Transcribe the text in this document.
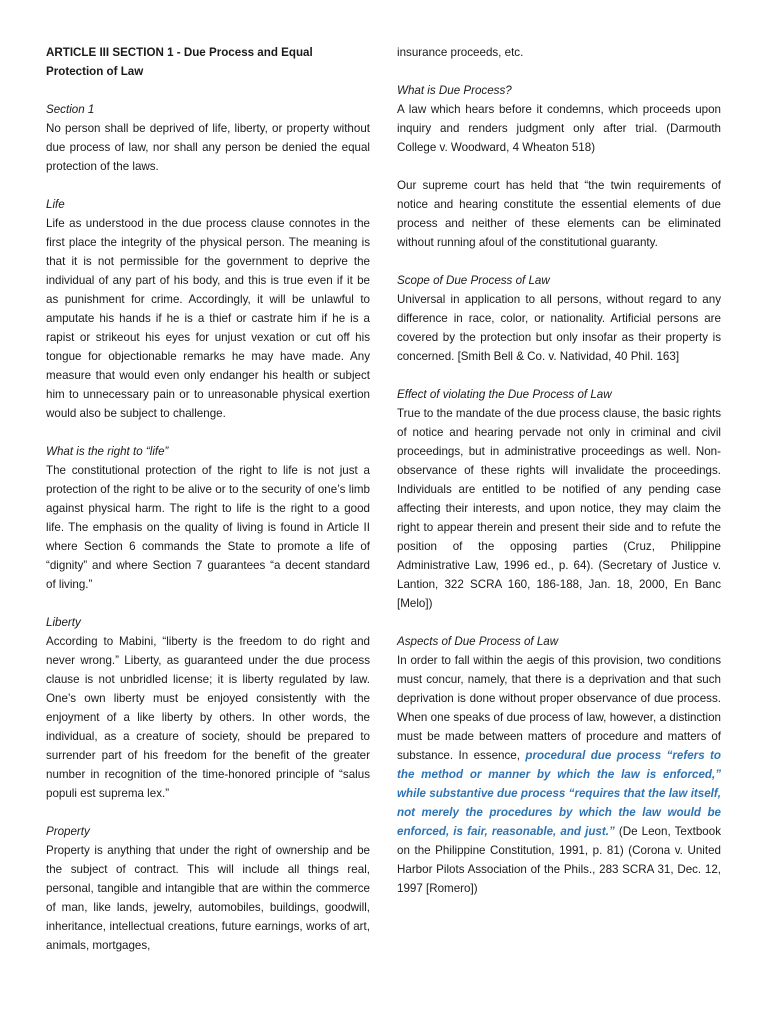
ARTICLE III SECTION 1 - Due Process and Equal Protection of Law

Section 1

No person shall be deprived of life, liberty, or property without due process of law, nor shall any person be denied the equal protection of the laws.

Life

Life as understood in the due process clause connotes in the first place the integrity of the physical person. The meaning is that it is not permissible for the government to deprive the individual of any part of his body, and this is true even if it be as punishment for crime. Accordingly, it will be unlawful to amputate his hands if he is a thief or castrate him if he is a rapist or strikeout his eyes for unjust vexation or cut off his tongue for objectionable remarks he may have made. Any measure that would even only endanger his health or subject him to unnecessary pain or to unreasonable physical exertion would also be subject to challenge.

What is the right to “life”

The constitutional protection of the right to life is not just a protection of the right to be alive or to the security of one’s limb against physical harm. The right to life is the right to a good life. The emphasis on the quality of living is found in Article II where Section 6 commands the State to promote a life of “dignity” and where Section 7 guarantees “a decent standard of living.”

Liberty

According to Mabini, “liberty is the freedom to do right and never wrong.” Liberty, as guaranteed under the due process clause is not unbridled license; it is liberty regulated by law. One’s own liberty must be enjoyed consistently with the enjoyment of a like liberty by others. In other words, the individual, as a creature of society, should be prepared to surrender part of his freedom for the benefit of the greater number in recognition of the time-honored principle of “salus populi est suprema lex.”

Property

Property is anything that under the right of ownership and be the subject of contract. This will include all things real, personal, tangible and intangible that are within the commerce of man, like lands, jewelry, automobiles, buildings, goodwill, inheritance, intellectual creations, future earnings, works of art, animals, mortgages,

insurance proceeds, etc.

What is Due Process?

A law which hears before it condemns, which proceeds upon inquiry and renders judgment only after trial. (Darmouth College v. Woodward, 4 Wheaton 518)

Our supreme court has held that “the twin requirements of notice and hearing constitute the essential elements of due process and neither of these elements can be eliminated without running afoul of the constitutional guaranty.

Scope of Due Process of Law

Universal in application to all persons, without regard to any difference in race, color, or nationality. Artificial persons are covered by the protection but only insofar as their property is concerned. [Smith Bell & Co. v. Natividad, 40 Phil. 163]

Effect of violating the Due Process of Law

True to the mandate of the due process clause, the basic rights of notice and hearing pervade not only in criminal and civil proceedings, but in administrative proceedings as well. Non-observance of these rights will invalidate the proceedings. Individuals are entitled to be notified of any pending case affecting their interests, and upon notice, they may claim the right to appear therein and present their side and to refute the position of the opposing parties (Cruz, Philippine Administrative Law, 1996 ed., p. 64). (Secretary of Justice v. Lantion, 322 SCRA 160, 186-188, Jan. 18, 2000, En Banc [Melo])

Aspects of Due Process of Law

In order to fall within the aegis of this provision, two conditions must concur, namely, that there is a deprivation and that such deprivation is done without proper observance of due process. When one speaks of due process of law, however, a distinction must be made between matters of procedure and matters of substance. In essence, procedural due process “refers to the method or manner by which the law is enforced,” while substantive due process “requires that the law itself, not merely the procedures by which the law would be enforced, is fair, reasonable, and just.” (De Leon, Textbook on the Philippine Constitution, 1991, p. 81) (Corona v. United Harbor Pilots Association of the Phils., 283 SCRA 31, Dec. 12, 1997 [Romero])
